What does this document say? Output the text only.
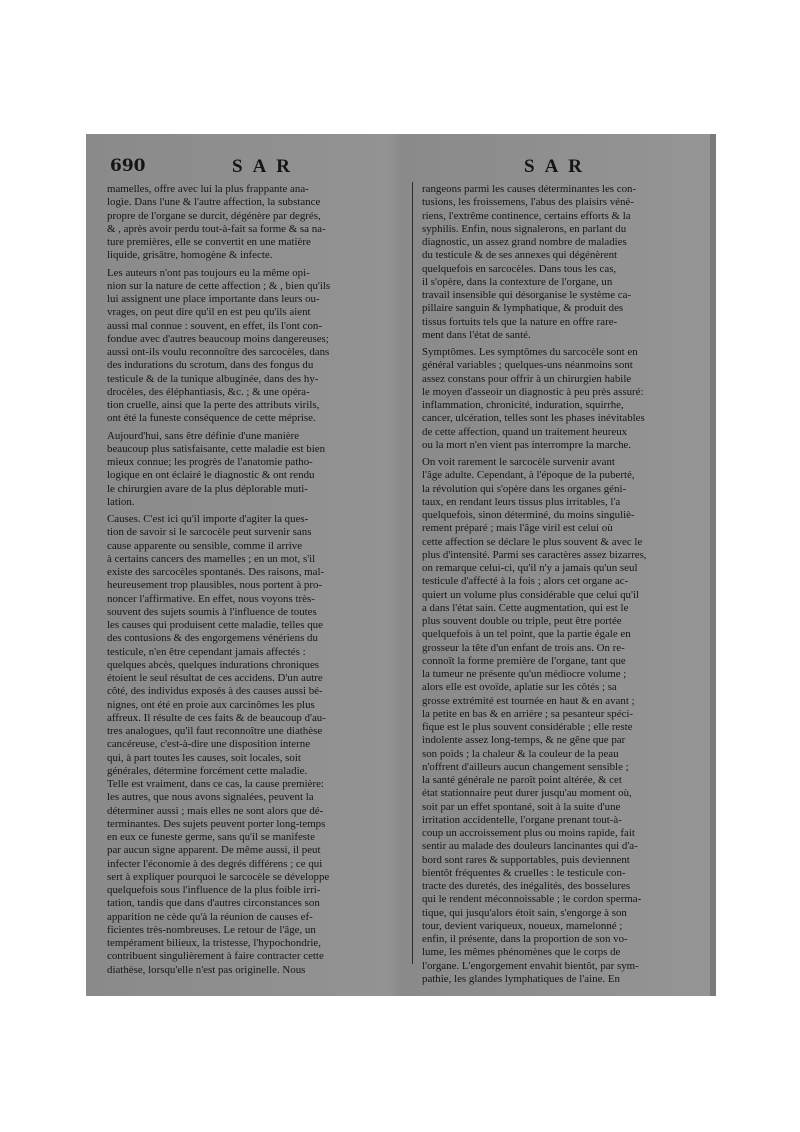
690	SAR	SAR
mamelles, offre avec lui la plus frappante ana-
logie. Dans l'une & l'autre affection, la substance
propre de l'organe se durcit, dégénère par degrés,
& , après avoir perdu tout-à-fait sa forme & sa na-
ture premières, elle se convertit en une matière
liquide, grisâtre, homogène & infecte.
Les auteurs n'ont pas toujours eu la même opi-
nion sur la nature de cette affection ; & , bien qu'ils
lui assignent une place importante dans leurs ou-
vrages, on peut dire qu'il en est peu qu'ils aient
aussi mal connue : souvent, en effet, ils l'ont con-
fondue avec d'autres beaucoup moins dangereuses;
aussi ont-ils voulu reconnoître des sarcocèles, dans
des indurations du scrotum, dans des fongus du
testicule & de la tunique albuginée, dans des hy-
drocèles, des éléphantiasis, &c. ; & une opéra-
tion cruelle, ainsi que la perte des attributs virils,
ont été la funeste conséquence de cette méprise.
Aujourd'hui, sans être définie d'une manière
beaucoup plus satisfaisante, cette maladie est bien
mieux connue; les progrès de l'anatomie patho-
logique en ont éclairé le diagnostic & ont rendu
le chirurgien avare de la plus déplorable muti-
lation.
Causes. C'est ici qu'il importe d'agiter la ques-
tion de savoir si le sarcocèle peut survenir sans
cause apparente ou sensible, comme il arrive
à certains cancers des mamelles ; en un mot, s'il
existe des sarcocèles spontanés. Des raisons, mal-
heureusement trop plausibles, nous portent à pro-
noncer l'affirmative. En effet, nous voyons très-
souvent des sujets soumis à l'influence de toutes
les causes qui produisent cette maladie, telles que
des contusions & des engorgemens vénériens du
testicule, n'en être cependant jamais affectés :
quelques abcès, quelques indurations chroniques
étoient le seul résultat de ces accidens. D'un autre
côté, des individus exposés à des causes aussi bé-
nignes, ont été en proie aux carcinômes les plus
affreux. Il résulte de ces faits & de beaucoup d'au-
tres analogues, qu'il faut reconnoître une diathèse
cancéreuse, c'est-à-dire une disposition interne
qui, à part toutes les causes, soit locales, soit
générales, détermine forcément cette maladie.
Telle est vraiment, dans ce cas, la cause première:
les autres, que nous avons signalées, peuvent la
déterminer aussi ; mais elles ne sont alors que dé-
terminantes. Des sujets peuvent porter long-temps
en eux ce funeste germe, sans qu'il se manifeste
par aucun signe apparent. De même aussi, il peut
infecter l'économie à des degrés différens ; ce qui
sert à expliquer pourquoi le sarcocèle se développe
quelquefois sous l'influence de la plus foible irri-
tation, tandis que dans d'autres circonstances son
apparition ne cède qu'à la réunion de causes ef-
ficientes très-nombreuses. Le retour de l'âge, un
tempérament bilieux, la tristesse, l'hypochondrie,
contribuent singulièrement à faire contracter cette
diathèse, lorsqu'elle n'est pas originelle. Nous
rangeons parmi les causes déterminantes les con-
tusions, les froissemens, l'abus des plaisirs véné-
riens, l'extrême continence, certains efforts & la
syphilis. Enfin, nous signalerons, en parlant du
diagnostic, un assez grand nombre de maladies
du testicule & de ses annexes qui dégénèrent
quelquefois en sarcocèles. Dans tous les cas,
il s'opère, dans la contexture de l'organe, un
travail insensible qui désorganise le système ca-
pillaire sanguin & lymphatique, & produit des
tissus fortuits tels que la nature en offre rare-
ment dans l'état de santé.
Symptômes. Les symptômes du sarcocèle sont en
général variables ; quelques-uns néanmoins sont
assez constans pour offrir à un chirurgien habile
le moyen d'asseoir un diagnostic à peu près assuré:
inflammation, chronicité, induration, squirrhe,
cancer, ulcération, telles sont les phases inévitables
de cette affection, quand un traitement heureux
ou la mort n'en vient pas interrompre la marche.
On voit rarement le sarcocèle survenir avant
l'âge adulte. Cependant, à l'époque de la puberté,
la révolution qui s'opère dans les organes géni-
taux, en rendant leurs tissus plus irritables, l'a
quelquefois, sinon déterminé, du moins singuliè-
rement préparé ; mais l'âge viril est celui où
cette affection se déclare le plus souvent & avec le
plus d'intensité. Parmi ses caractères assez bizarres,
on remarque celui-ci, qu'il n'y a jamais qu'un seul
testicule d'affecté à la fois ; alors cet organe ac-
quiert un volume plus considérable que celui qu'il
a dans l'état sain. Cette augmentation, qui est le
plus souvent double ou triple, peut être portée
quelquefois à un tel point, que la partie égale en
grosseur la tête d'un enfant de trois ans. On re-
connoît la forme première de l'organe, tant que
la tumeur ne présente qu'un médiocre volume ;
alors elle est ovoïde, aplatie sur les côtés ; sa
grosse extrémité est tournée en haut & en avant ;
la petite en bas & en arrière ; sa pesanteur spéci-
fique est le plus souvent considérable ; elle reste
indolente assez long-temps, & ne gêne que par
son poids ; la chaleur & la couleur de la peau
n'offrent d'ailleurs aucun changement sensible ;
la santé générale ne paroît point altérée, & cet
état stationnaire peut durer jusqu'au moment où,
soit par un effet spontané, soit à la suite d'une
irritation accidentelle, l'organe prenant tout-à-
coup un accroissement plus ou moins rapide, fait
sentir au malade des douleurs lancinantes qui d'a-
bord sont rares & supportables, puis deviennent
bientôt fréquentes & cruelles : le testicule con-
tracte des duretés, des inégalités, des bosselures
qui le rendent méconnoissable ; le cordon sperma-
tique, qui jusqu'alors étoit sain, s'engorge à son
tour, devient variqueux, noueux, mamelonné ;
enfin, il présente, dans la proportion de son vo-
lume, les mêmes phénomènes que le corps de
l'organe. L'engorgement envahit bientôt, par sym-
pathie, les glandes lymphatiques de l'aine. En
